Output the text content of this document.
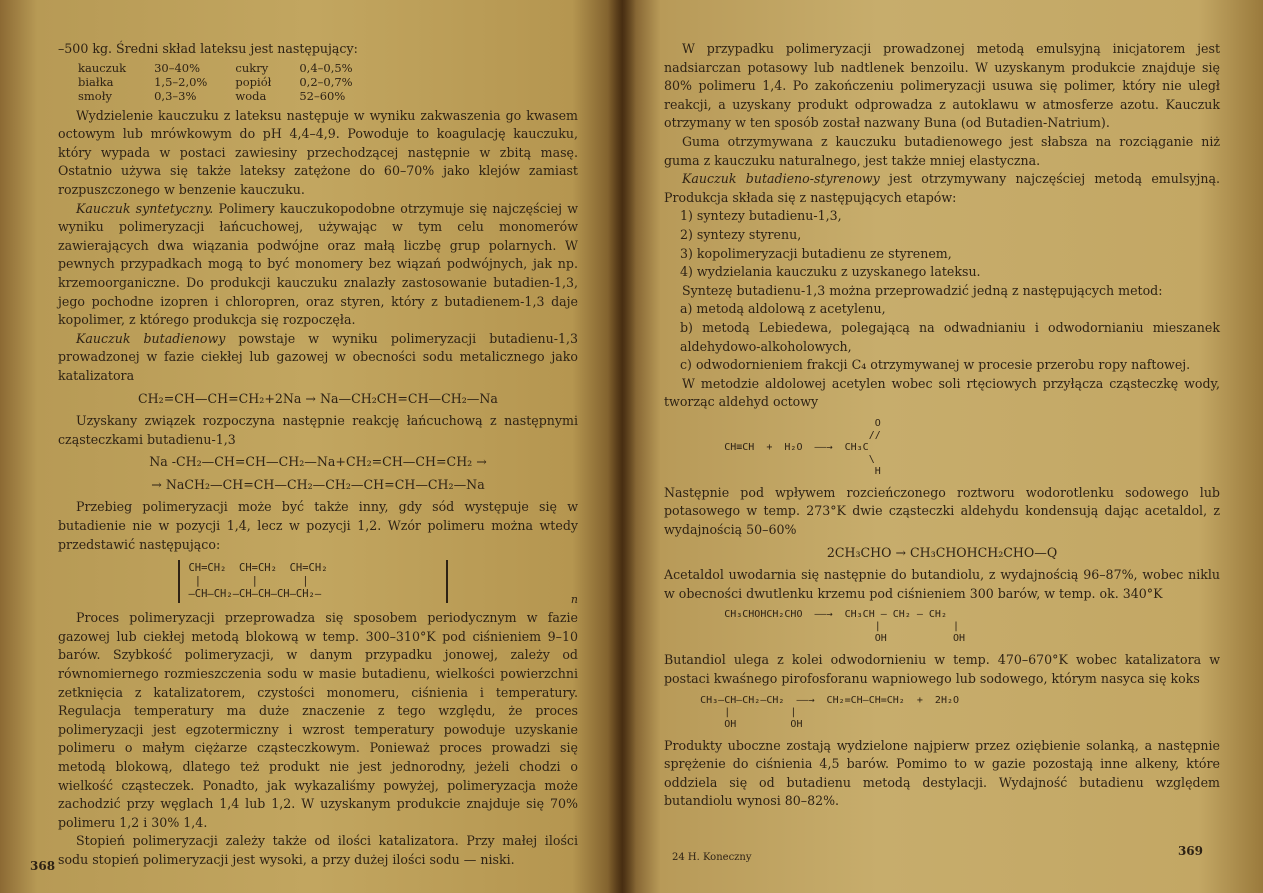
–500 kg. Średni skład lateksu jest następujący:

kauczuk	30–40%	cukry	0,4–0,5%
białka	1,5–2,0%	popiół	0,2–0,7%
smoły	0,3–3%	woda	52–60%

Wydzielenie kauczuku z lateksu następuje w wyniku zakwaszenia go kwasem octowym lub mrówkowym do pH 4,4–4,9. Powoduje to koagulację kauczuku, który wypada w postaci zawiesiny przechodzącej następnie w zbitą masę. Ostatnio używa się także lateksy zatężone do 60–70% jako klejów zamiast rozpuszczonego w benzenie kauczuku.

Kauczuk syntetyczny. Polimery kauczukopodobne otrzymuje się najczęściej w wyniku polimeryzacji łańcuchowej, używając w tym celu monomerów zawierających dwa wiązania podwójne oraz małą liczbę grup polarnych. W pewnych przypadkach mogą to być monomery bez wiązań podwójnych, jak np. krzemoorganiczne. Do produkcji kauczuku znalazły zastosowanie butadien-1,3, jego pochodne izopren i chloropren, oraz styren, który z butadienem-1,3 daje kopolimer, z którego produkcja się rozpoczęła.

Kauczuk butadienowy powstaje w wyniku polimeryzacji butadienu-1,3 prowadzonej w fazie ciekłej lub gazowej w obecności sodu metalicznego jako katalizatora

CH₂=CH—CH=CH₂+2Na → Na—CH₂CH=CH—CH₂—Na

Uzyskany związek rozpoczyna następnie reakcję łańcuchową z następnymi cząsteczkami butadienu-1,3

Na -CH₂—CH=CH—CH₂—Na+CH₂=CH—CH=CH₂ →
→ NaCH₂—CH=CH—CH₂—CH₂—CH=CH—CH₂—Na

Przebieg polimeryzacji może być także inny, gdy sód występuje się w butadienie nie w pozycji 1,4, lecz w pozycji 1,2. Wzór polimeru można wtedy przedstawić następująco:

CH=CH₂  CH=CH₂  CH=CH₂
|        |       |
—CH—CH₂—CH—CH—CH—CH₂—	n

Proces polimeryzacji przeprowadza się sposobem periodycznym w fazie gazowej lub ciekłej metodą blokową w temp. 300–310°K pod ciśnieniem 9–10 barów. Szybkość polimeryzacji, w danym przypadku jonowej, zależy od równomiernego rozmieszczenia sodu w masie butadienu, wielkości powierzchni zetknięcia z katalizatorem, czystości monomeru, ciśnienia i temperatury. Regulacja temperatury ma duże znaczenie z tego względu, że proces polimeryzacji jest egzotermiczny i wzrost temperatury powoduje uzyskanie polimeru o małym ciężarze cząsteczkowym. Ponieważ proces prowadzi się metodą blokową, dlatego też produkt nie jest jednorodny, jeżeli chodzi o wielkość cząsteczek. Ponadto, jak wykazaliśmy powyżej, polimeryzacja może zachodzić przy węglach 1,4 lub 1,2. W uzyskanym produkcie znajduje się 70% polimeru 1,2 i 30% 1,4.

Stopień polimeryzacji zależy także od ilości katalizatora. Przy małej ilości sodu stopień polimeryzacji jest wysoki, a przy dużej ilości sodu — niski.

368

W przypadku polimeryzacji prowadzonej metodą emulsyjną inicjatorem jest nadsiarczan potasowy lub nadtlenek benzoilu. W uzyskanym produkcie znajduje się 80% polimeru 1,4. Po zakończeniu polimeryzacji usuwa się polimer, który nie uległ reakcji, a uzyskany produkt odprowadza z autoklawu w atmosferze azotu. Kauczuk otrzymany w ten sposób został nazwany Buna (od Butadien-Natrium).

Guma otrzymywana z kauczuku butadienowego jest słabsza na rozciąganie niż guma z kauczuku naturalnego, jest także mniej elastyczna.

Kauczuk butadieno-styrenowy jest otrzymywany najczęściej metodą emulsyjną. Produkcja składa się z następujących etapów:

1) syntezy butadienu-1,3,
2) syntezy styrenu,
3) kopolimeryzacji butadienu ze styrenem,
4) wydzielania kauczuku z uzyskanego lateksu.

Syntezę butadienu-1,3 można przeprowadzić jedną z następujących metod:

a) metodą aldolową z acetylenu,
b) metodą Lebiedewa, polegającą na odwadnianiu i odwodornianiu mieszanek aldehydowo-alkoholowych,
c) odwodornieniem frakcji C₄ otrzymywanej w procesie przerobu ropy naftowej.

W metodzie aldolowej acetylen wobec soli rtęciowych przyłącza cząsteczkę wody, tworząc aldehyd octowy

O
//
CH≡CH  +  H₂O  ——→  CH₃C
\
H

Następnie pod wpływem rozcieńczonego roztworu wodorotlenku sodowego lub potasowego w temp. 273°K dwie cząsteczki aldehydu kondensują dając acetaldol, z wydajnością 50–60%

2CH₃CHO → CH₃CHOHCH₂CHO—Q

Acetaldol uwodarnia się następnie do butandiolu, z wydajnością 96–87%, wobec niklu w obecności dwutlenku krzemu pod ciśnieniem 300 barów, w temp. ok. 340°K

CH₃CHOHCH₂CHO  ——→  CH₃CH — CH₂ — CH₂
|            |
OH           OH

Butandiol ulega z kolei odwodornieniu w temp. 470–670°K wobec katalizatora w postaci kwaśnego pirofosforanu wapniowego lub sodowego, którym nasyca się koks

CH₃—CH—CH₂—CH₂  ——→  CH₂=CH—CH=CH₂  +  2H₂O
|          |
OH         OH

Produkty uboczne zostają wydzielone najpierw przez oziębienie solanką, a następnie sprężenie do ciśnienia 4,5 barów. Pomimo to w gazie pozostają inne alkeny, które oddziela się od butadienu metodą destylacji. Wydajność butadienu względem butandiolu wynosi 80–82%.

24 H. Koneczny	369
